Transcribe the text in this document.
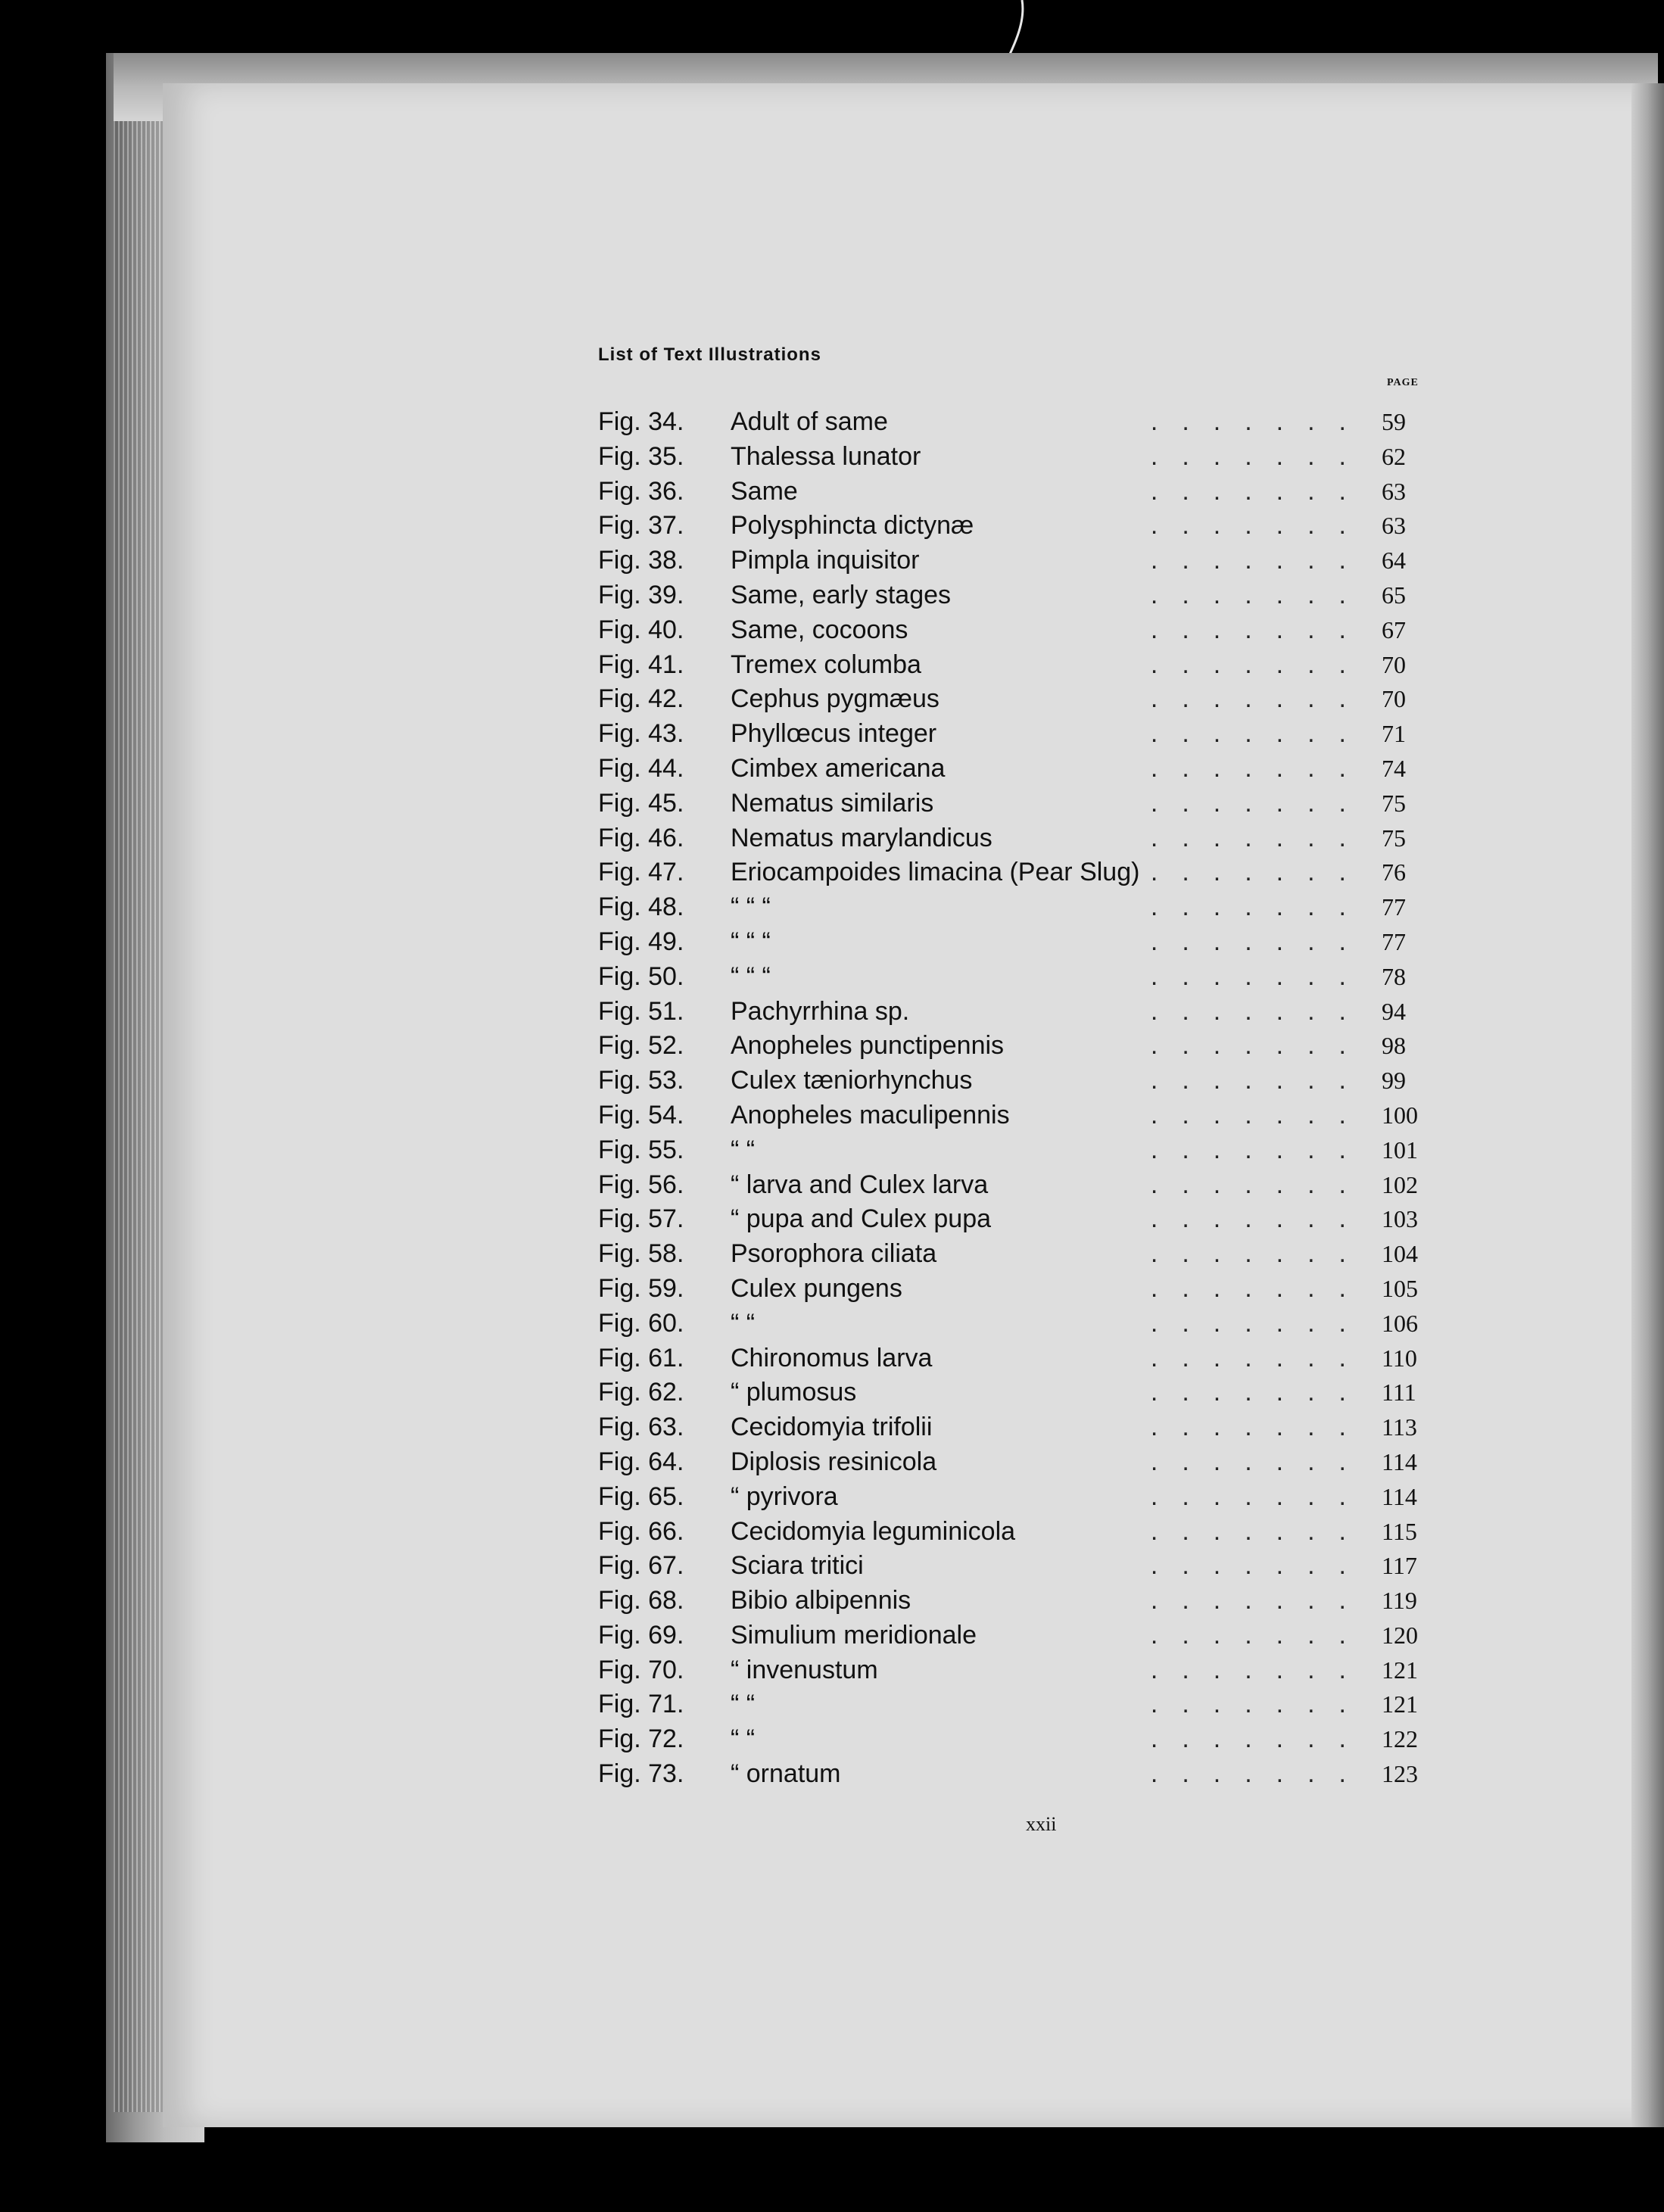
List of Text Illustrations
PAGE
Fig. 34.	Adult of same	....... 59
Fig. 35.	Thalessa lunator	....... 62
Fig. 36.	Same	....... 63
Fig. 37.	Polysphincta dictynæ	....... 63
Fig. 38.	Pimpla inquisitor	....... 64
Fig. 39.	Same, early stages	....... 65
Fig. 40.	Same, cocoons	....... 67
Fig. 41.	Tremex columba	....... 70
Fig. 42.	Cephus pygmæus	....... 70
Fig. 43.	Phyllœcus integer	....... 71
Fig. 44.	Cimbex americana	....... 74
Fig. 45.	Nematus similaris	....... 75
Fig. 46.	Nematus marylandicus	....... 75
Fig. 47.	Eriocampoides limacina (Pear Slug) ....... 76
Fig. 48.	“ “ “	....... 77
Fig. 49.	“ “ “	....... 77
Fig. 50.	“ “ “	....... 78
Fig. 51.	Pachyrrhina sp.	....... 94
Fig. 52.	Anopheles punctipennis	....... 98
Fig. 53.	Culex tæniorhynchus	....... 99
Fig. 54.	Anopheles maculipennis	....... 100
Fig. 55.	“ “	....... 101
Fig. 56.	“ larva and Culex larva	....... 102
Fig. 57.	“ pupa and Culex pupa	....... 103
Fig. 58.	Psorophora ciliata	....... 104
Fig. 59.	Culex pungens	....... 105
Fig. 60.	“ “	....... 106
Fig. 61.	Chironomus larva	....... 110
Fig. 62.	“ plumosus	....... 111
Fig. 63.	Cecidomyia trifolii	....... 113
Fig. 64.	Diplosis resinicola	....... 114
Fig. 65.	“ pyrivora	....... 114
Fig. 66.	Cecidomyia leguminicola	....... 115
Fig. 67.	Sciara tritici	....... 117
Fig. 68.	Bibio albipennis	....... 119
Fig. 69.	Simulium meridionale	....... 120
Fig. 70.	“ invenustum	....... 121
Fig. 71.	“ “	....... 121
Fig. 72.	“ “	....... 122
Fig. 73.	“ ornatum	....... 123
xxii
